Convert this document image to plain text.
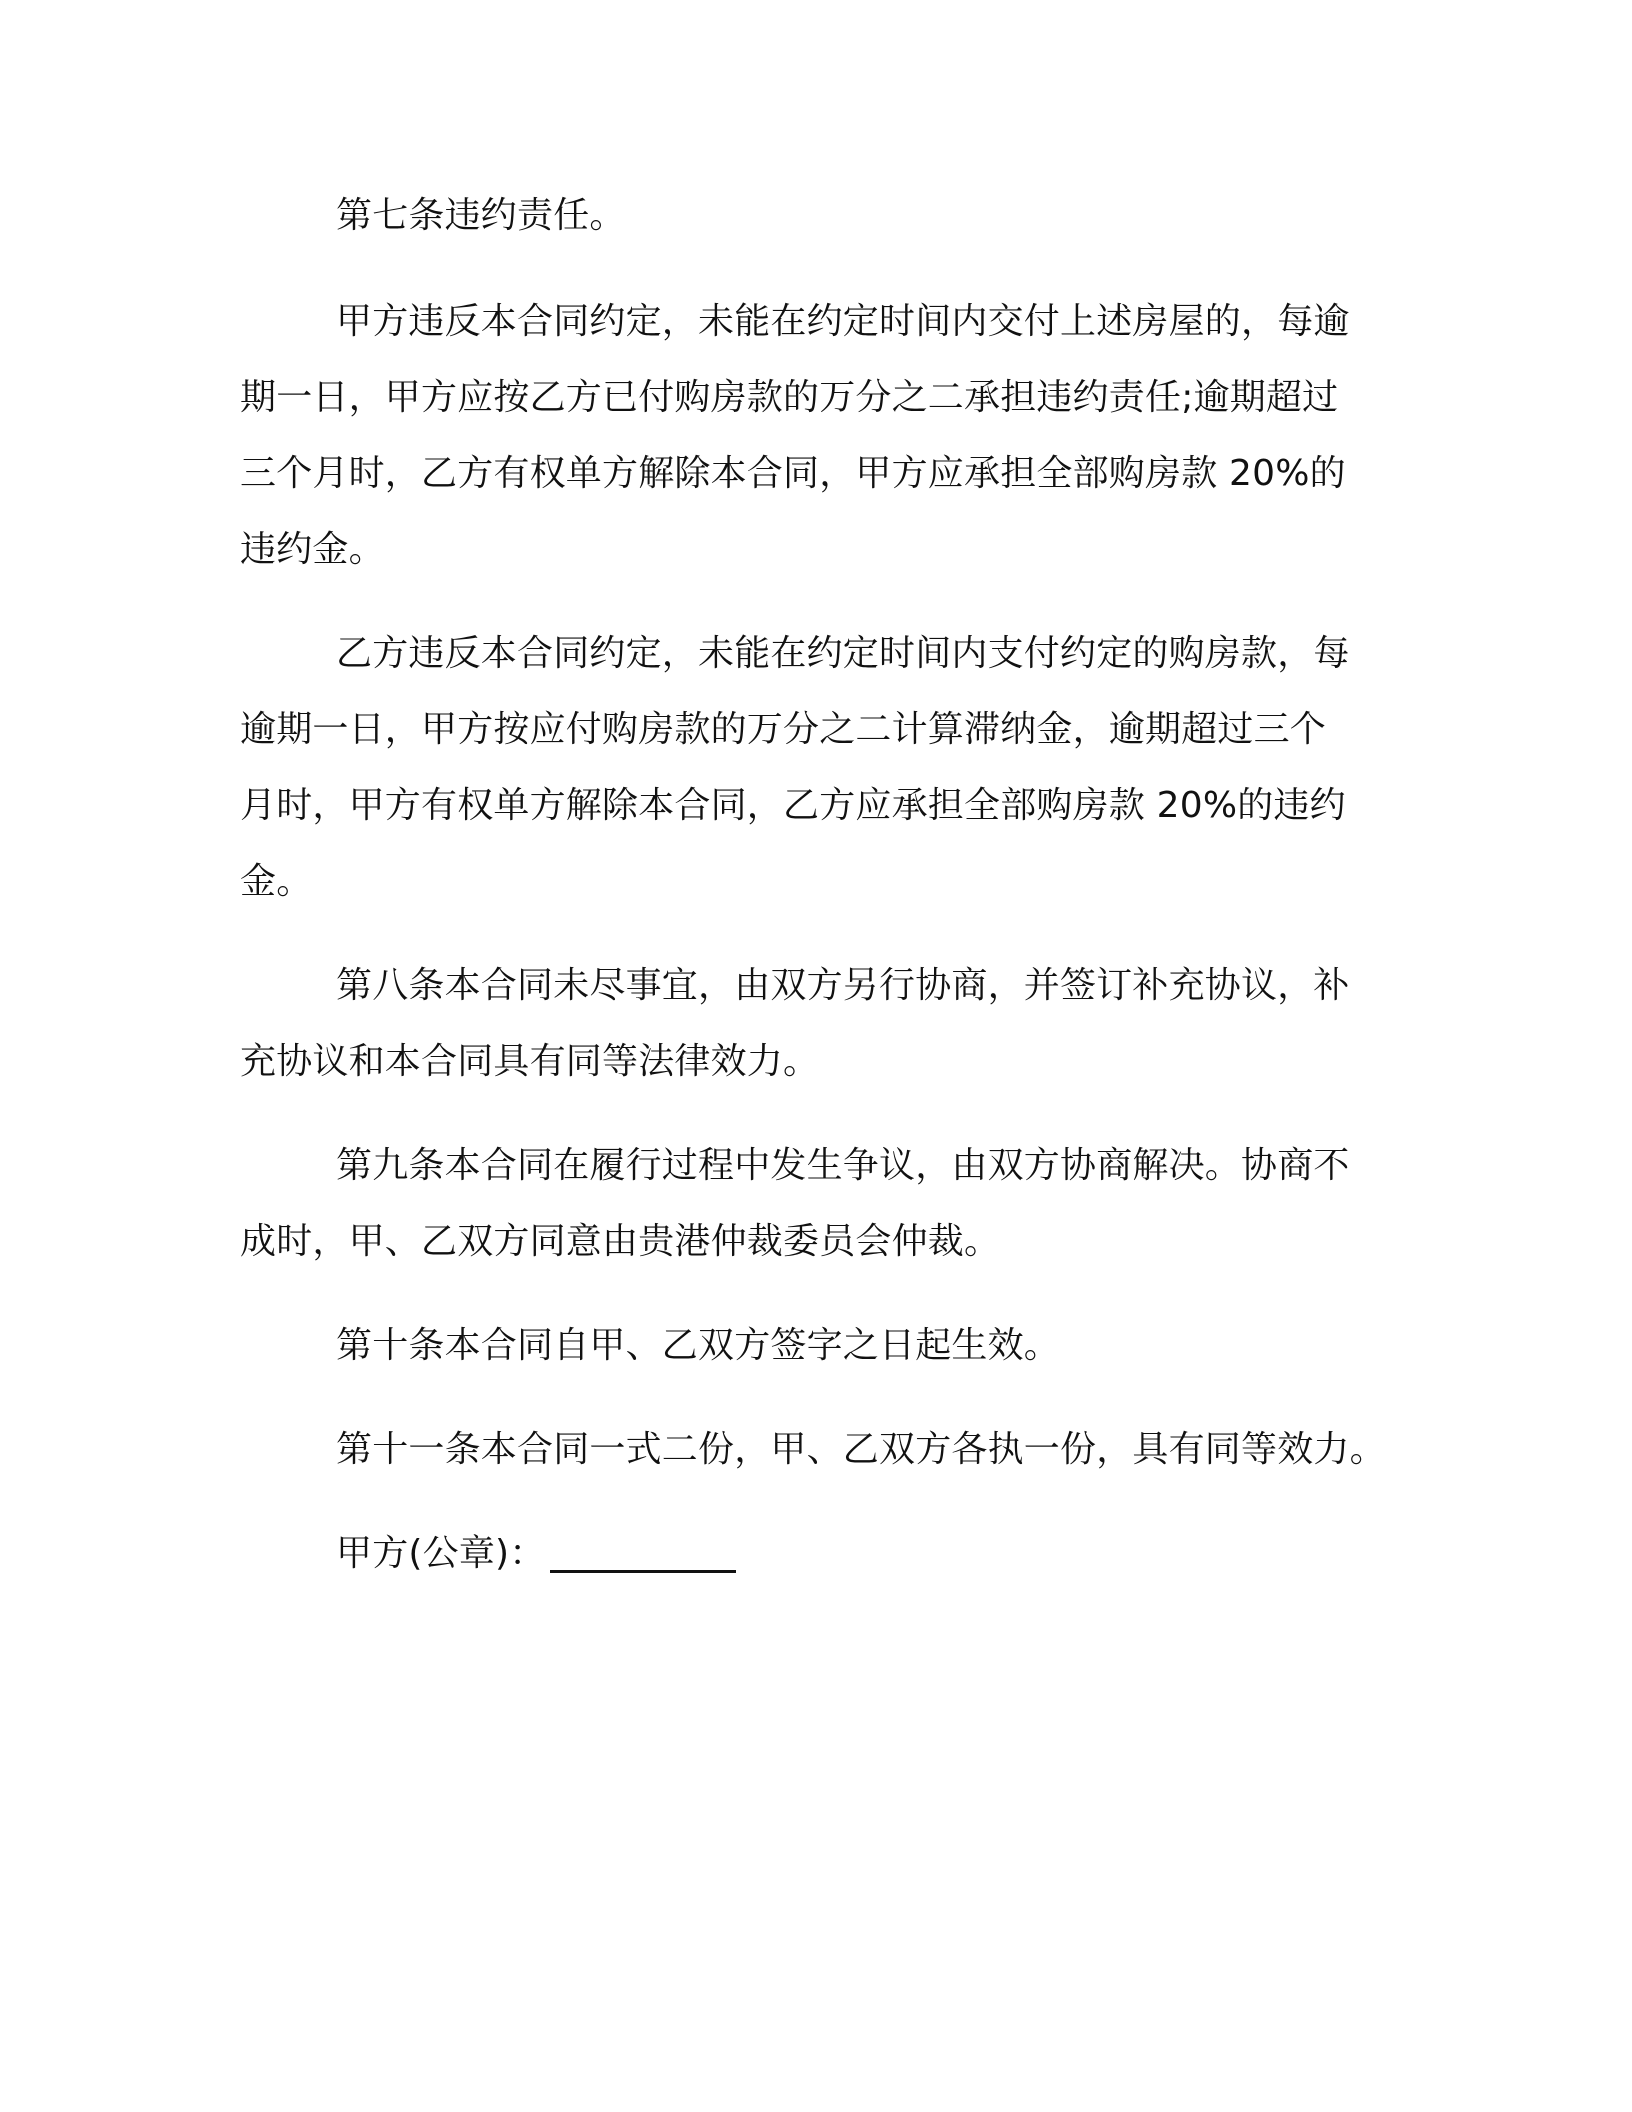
第七条违约责任。

甲方违反本合同约定，未能在约定时间内交付上述房屋的，每逾
期一日，甲方应按乙方已付购房款的万分之二承担违约责任;逾期超过
三个月时，乙方有权单方解除本合同，甲方应承担全部购房款 20%的
违约金。

乙方违反本合同约定，未能在约定时间内支付约定的购房款，每
逾期一日，甲方按应付购房款的万分之二计算滞纳金，逾期超过三个
月时，甲方有权单方解除本合同，乙方应承担全部购房款 20%的违约
金。

第八条本合同未尽事宜，由双方另行协商，并签订补充协议，补
充协议和本合同具有同等法律效力。

第九条本合同在履行过程中发生争议，由双方协商解决。协商不
成时，甲、乙双方同意由贵港仲裁委员会仲裁。

第十条本合同自甲、乙双方签字之日起生效。

第十一条本合同一式二份，甲、乙双方各执一份，具有同等效力。

甲方(公章)：
